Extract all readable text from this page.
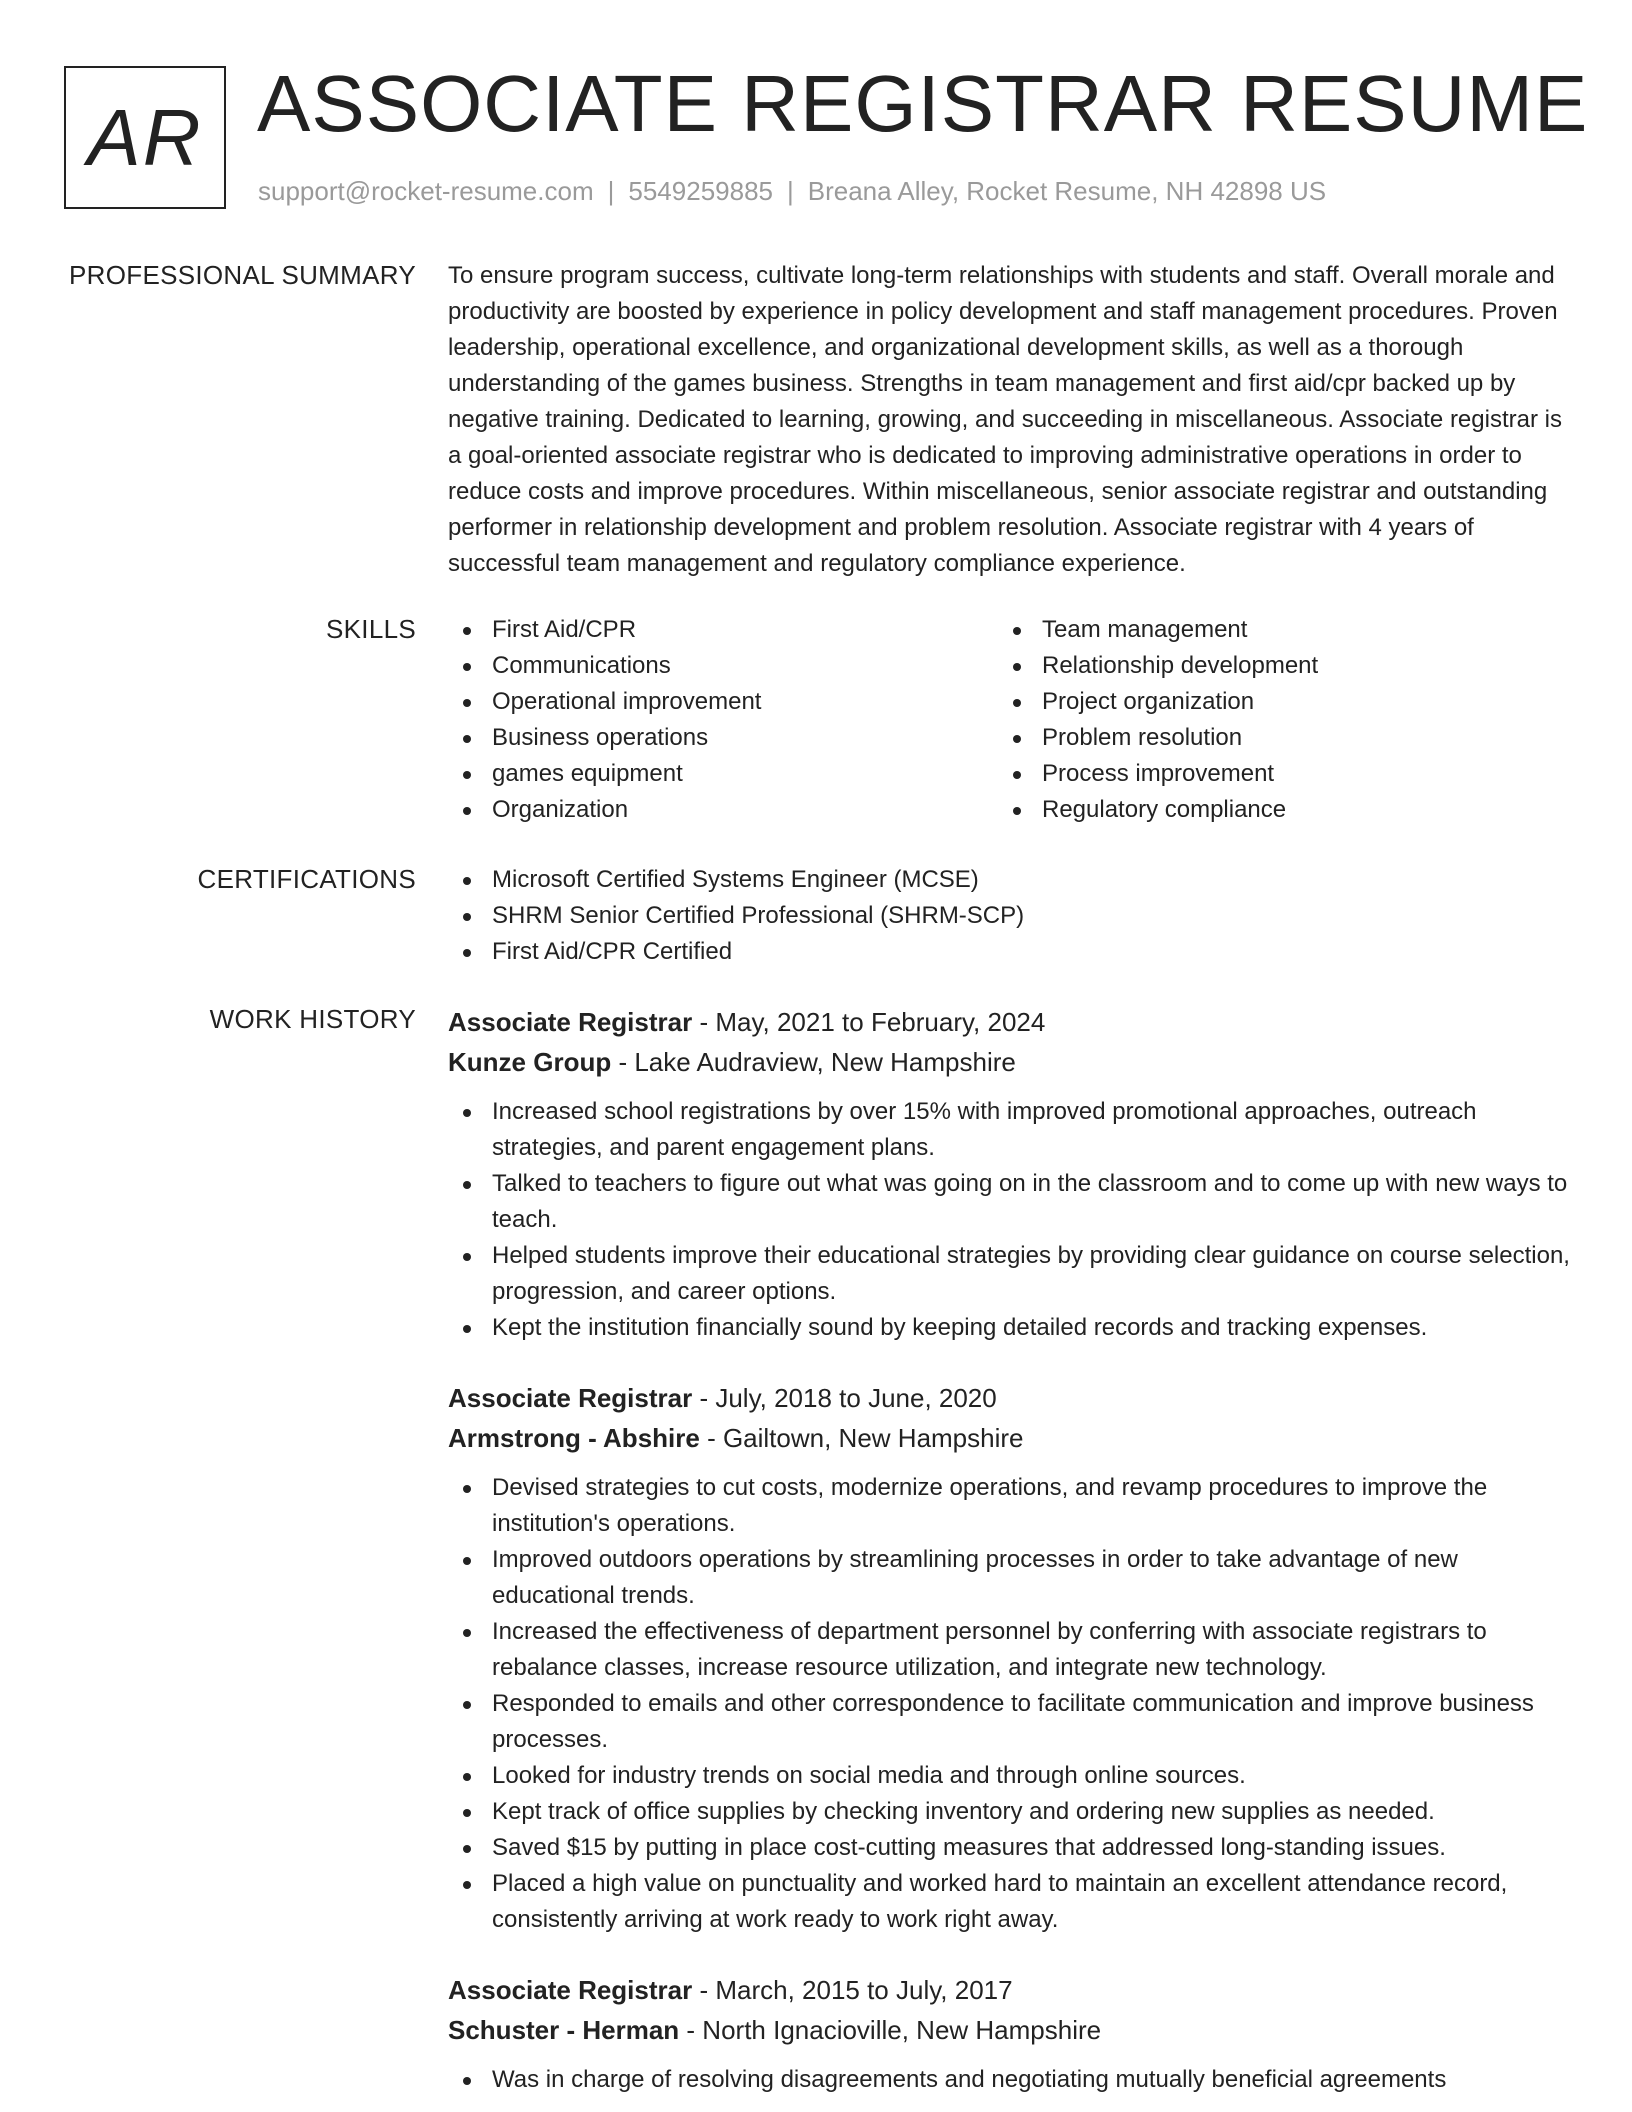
AR ASSOCIATE REGISTRAR RESUME
support@rocket-resume.com | 5549259885 | Breana Alley, Rocket Resume, NH 42898 US
PROFESSIONAL SUMMARY To ensure program success, cultivate long-term relationships with students and staff. Overall morale and productivity are boosted by experience in policy development and staff management procedures. Proven leadership, operational excellence, and organizational development skills, as well as a thorough understanding of the games business. Strengths in team management and first aid/cpr backed up by negative training. Dedicated to learning, growing, and succeeding in miscellaneous. Associate registrar is a goal-oriented associate registrar who is dedicated to improving administrative operations in order to reduce costs and improve procedures. Within miscellaneous, senior associate registrar and outstanding performer in relationship development and problem resolution. Associate registrar with 4 years of successful team management and regulatory compliance experience.

SKILLS	First Aid/CPR
Communications
Operational improvement
Business operations
games equipment
Organization
Team management
Relationship development
Project organization
Problem resolution
Process improvement
Regulatory compliance
CERTIFICATIONS	Microsoft Certified Systems Engineer (MCSE)
SHRM Senior Certified Professional (SHRM-SCP)
First Aid/CPR Certified
WORK HISTORY Associate Registrar - May, 2021 to February, 2024
Kunze Group - Lake Audraview, New Hampshire
Increased school registrations by over 15% with improved promotional approaches, outreach strategies, and parent engagement plans.
Talked to teachers to figure out what was going on in the classroom and to come up with new ways to teach.
Helped students improve their educational strategies by providing clear guidance on course selection, progression, and career options.
Kept the institution financially sound by keeping detailed records and tracking expenses.
Associate Registrar - July, 2018 to June, 2020
Armstrong - Abshire - Gailtown, New Hampshire
Devised strategies to cut costs, modernize operations, and revamp procedures to improve the institution's operations.
Improved outdoors operations by streamlining processes in order to take advantage of new educational trends.
Increased the effectiveness of department personnel by conferring with associate registrars to rebalance classes, increase resource utilization, and integrate new technology.
Responded to emails and other correspondence to facilitate communication and improve business processes.
Looked for industry trends on social media and through online sources.
Kept track of office supplies by checking inventory and ordering new supplies as needed.
Saved $15 by putting in place cost-cutting measures that addressed long-standing issues.
Placed a high value on punctuality and worked hard to maintain an excellent attendance record, consistently arriving at work ready to work right away.
Associate Registrar - March, 2015 to July, 2017
Schuster - Herman - North Ignacioville, New Hampshire
Was in charge of resolving disagreements and negotiating mutually beneficial agreements
